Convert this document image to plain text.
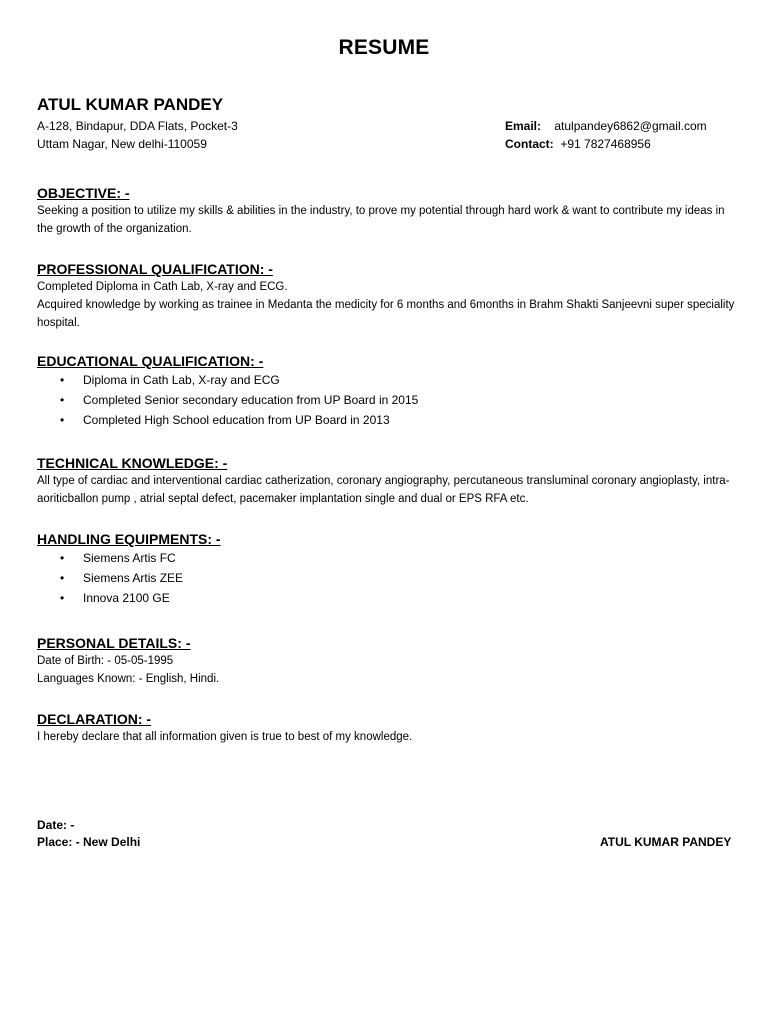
RESUME
ATUL KUMAR PANDEY
A-128, Bindapur, DDA Flats, Pocket-3
Uttam Nagar, New delhi-110059
Email: atulpandey6862@gmail.com
Contact: +91 7827468956
OBJECTIVE: -

Seeking a position to utilize my skills & abilities in the industry, to prove my potential through hard work & want to contribute my ideas in the growth of the organization.

PROFESSIONAL QUALIFICATION: -

Completed Diploma in Cath Lab, X-ray and ECG.

Acquired knowledge by working as trainee in Medanta the medicity for 6 months and 6months in Brahm Shakti Sanjeevni super speciality hospital.

EDUCATIONAL QUALIFICATION: -
• Diploma in Cath Lab, X-ray and ECG
• Completed Senior secondary education from UP Board in 2015
• Completed High School education from UP Board in 2013
TECHNICAL KNOWLEDGE: -

All type of cardiac and interventional cardiac catherization, coronary angiography, percutaneous transluminal coronary angioplasty, intra-aoriticballon pump , atrial septal defect, pacemaker implantation single and dual or EPS RFA etc.

HANDLING EQUIPMENTS: -
• Siemens Artis FC
• Siemens Artis ZEE
• Innova 2100 GE
PERSONAL DETAILS: -

Date of Birth: - 05-05-1995

Languages Known: - English, Hindi.

DECLARATION: -

I hereby declare that all information given is true to best of my knowledge.

Date: -
Place: - New Delhi	ATUL KUMAR PANDEY
